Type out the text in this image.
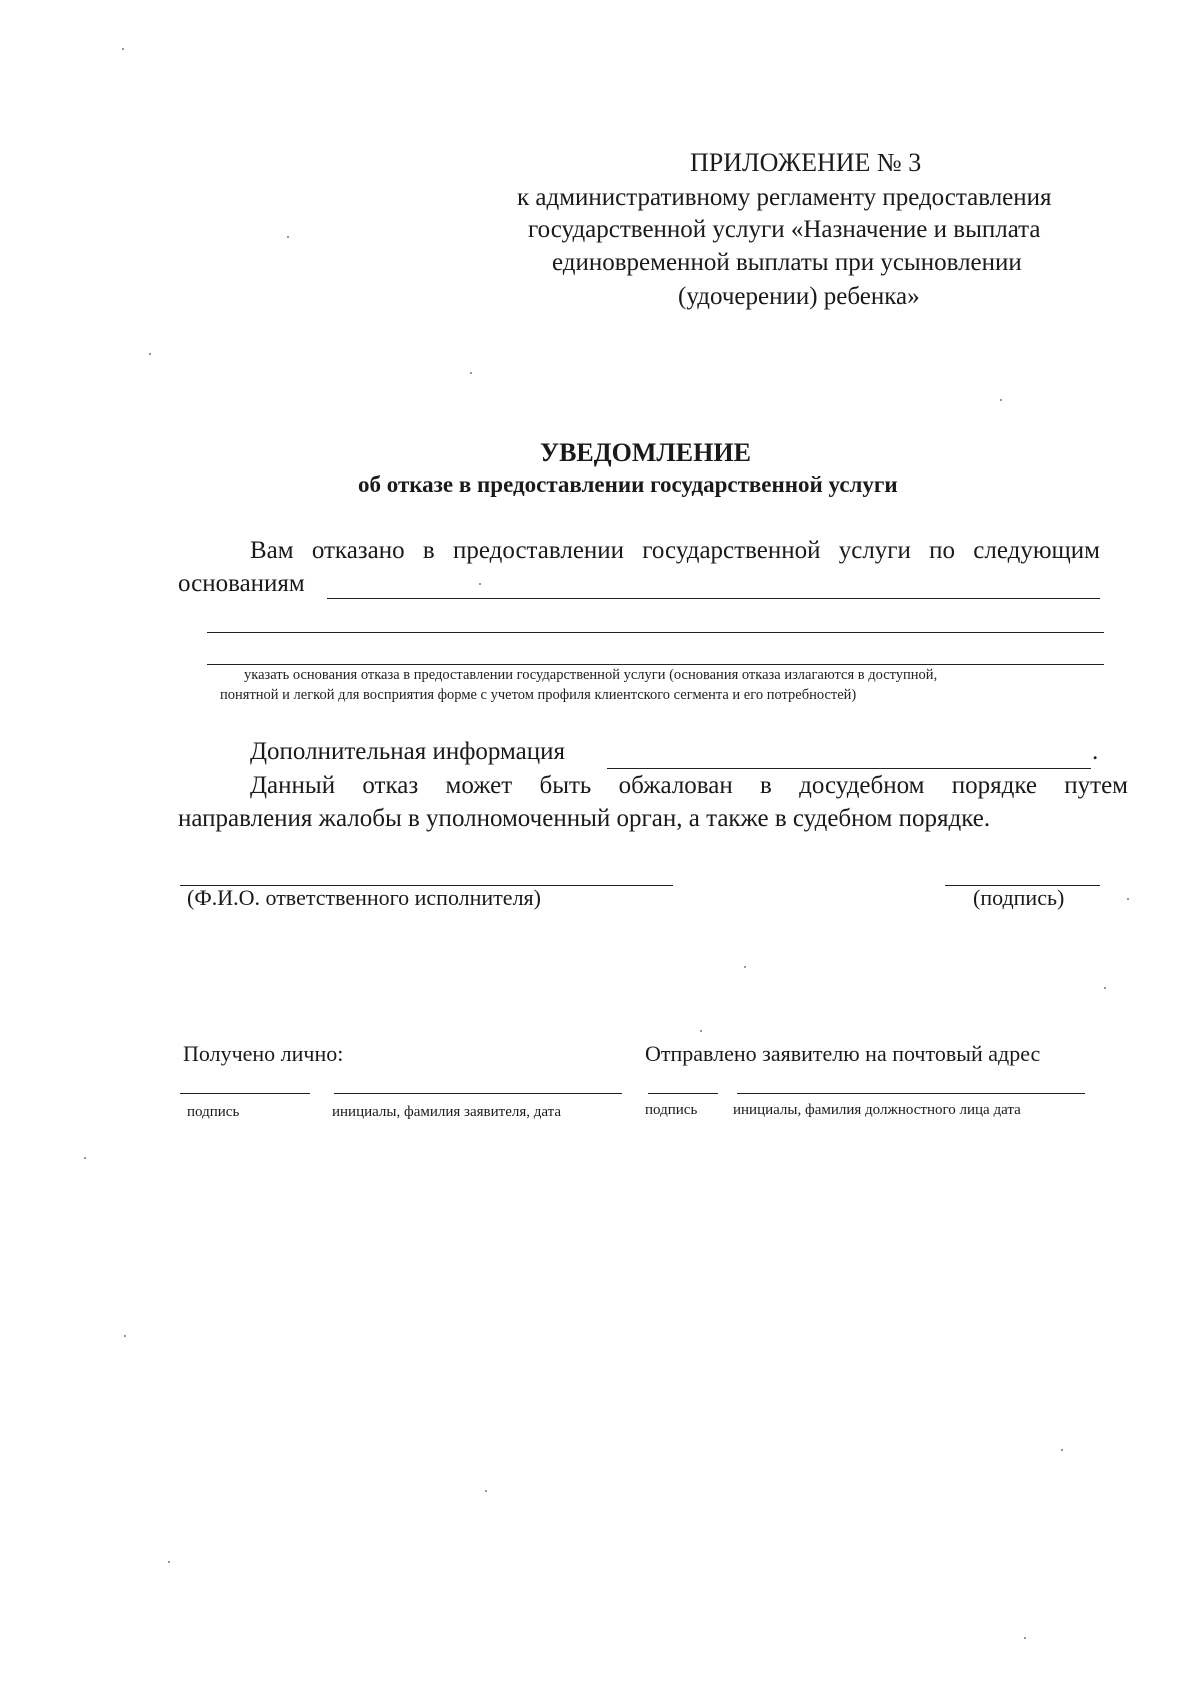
ПРИЛОЖЕНИЕ № 3
к административному регламенту предоставления
государственной услуги «Назначение и выплата
единовременной выплаты при усыновлении
(удочерении) ребенка»
УВЕДОМЛЕНИЕ
об отказе в предоставлении государственной услуги
Вам отказано в предоставлении государственной услуги по следующим
основаниям
указать основания отказа в предоставлении государственной услуги (основания отказа излагаются в доступной,
понятной и легкой для восприятия форме с учетом профиля клиентского сегмента и его потребностей)
Дополнительная информация	.
Данный отказ может быть обжалован в досудебном порядке путем
направления жалобы в уполномоченный орган, а также в судебном порядке.
(Ф.И.О. ответственного исполнителя)	(подпись)
Получено лично:	Отправлено заявителю на почтовый адрес
подпись	инициалы, фамилия заявителя, дата	подпись инициалы, фамилия должностного лица дата
